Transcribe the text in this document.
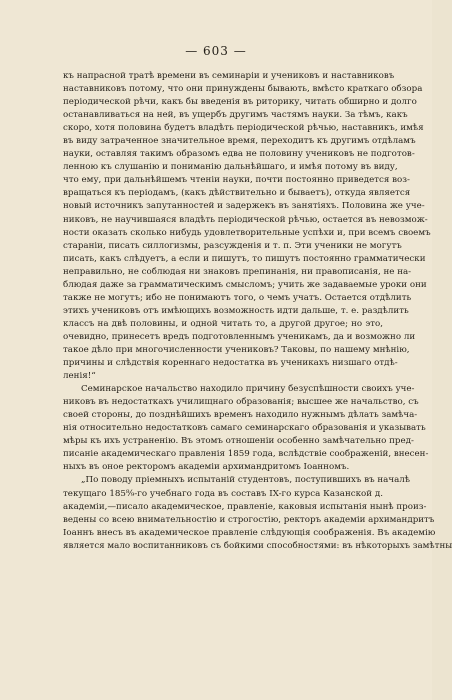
— 603 —
къ напрасной тратѣ времени въ семинаріи и учениковъ и наставниковъ
наставниковъ потому, что они принуждены бывають, вмѣсто краткаго обзора
періодической рѣчи, какъ бы введенія въ риторику, читать обширно и долго
останавливаться на ней, въ ущербъ другимъ частямъ науки. За тѣмъ, какъ
скоро, хотя половина будетъ владѣть періодической рѣчью, наставникъ, имѣя
въ виду затраченное значительное время, переходитъ къ другимъ отдѣламъ
науки, оставляя такимъ образомъ едва не половину учениковъ не подготов-
ленною къ слушанію и пониманію дальнѣйшаго, и имѣя потому въ виду,
что ему, при дальнѣйшемъ чтеніи науки, почти постоянно приведется воз-
вращаться къ періодамъ, (какъ дѣйствительно и бываетъ), откуда является
новый источникъ запутанностей и задержекъ въ занятіяхъ. Половина же уче-
никовъ, не научившаяся владѣть періодической рѣчью, остается въ невозмож-
ности оказать сколько нибудь удовлетворительные успѣхи и, при всемъ своемъ
стараніи, писать силлогизмы, разсужденія и т. п. Эти ученики не могутъ
писать, какъ слѣдуетъ, а если и пишутъ, то пишутъ постоянно грамматически
неправильно, не соблюдая ни знаковъ препинанія, ни правописанія, не на-
блюдая даже за грамматическимъ смысломъ; учить же задаваемые уроки они
также не могутъ; ибо не понимаютъ того, о чемъ учатъ. Остается отдѣлить
этихъ учениковъ отъ имѣющихъ возможность идти дальше, т. е. раздѣлить
классъ на двѣ половины, и одной читать то, а другой другое; но это,
очевидно, принесетъ вредъ подготовленнымъ ученикамъ, да и возможно ли
такое дѣло при многочисленности учениковъ? Таковы, по нашему мнѣнію,
причины и слѣдствія кореннаго недостатка въ ученикахъ низшаго отдѣ-
ленія!“
Семинарское начальство находило причину безуспѣшности своихъ уче-
никовъ въ недостаткахъ училищнаго образованія; высшее же начальство, съ
своей стороны, до позднѣйшихъ временъ находило нужнымъ дѣлать замѣча-
нія относительно недостатковъ самаго семинарскаго образованія и указывать
мѣры къ ихъ устраненію. Въ этомъ отношеніи особенно замѣчательно пред-
писаніе академическаго правленія 1859 года, вслѣдствіе соображеній, внесен-
ныхъ въ оное ректоромъ академіи архимандритомъ Іоанномъ.
„По поводу пріемныхъ испытаній студентовъ, поступившихъ въ началѣ
текущаго 185⁸⁄₉-го учебнаго года въ составъ IX-го курса Казанской д.
академіи,—писало академическое, правленіе, каковыя испытанія нынѣ произ-
ведены со всею внимательностію и строгостію, ректоръ академіи архимандритъ
Іоаннъ внесъ въ академическое правленіе слѣдующія соображенія. Въ академію
является мало воспитанниковъ съ бойкими способностями: въ нѣкоторыхъ замѣтны
